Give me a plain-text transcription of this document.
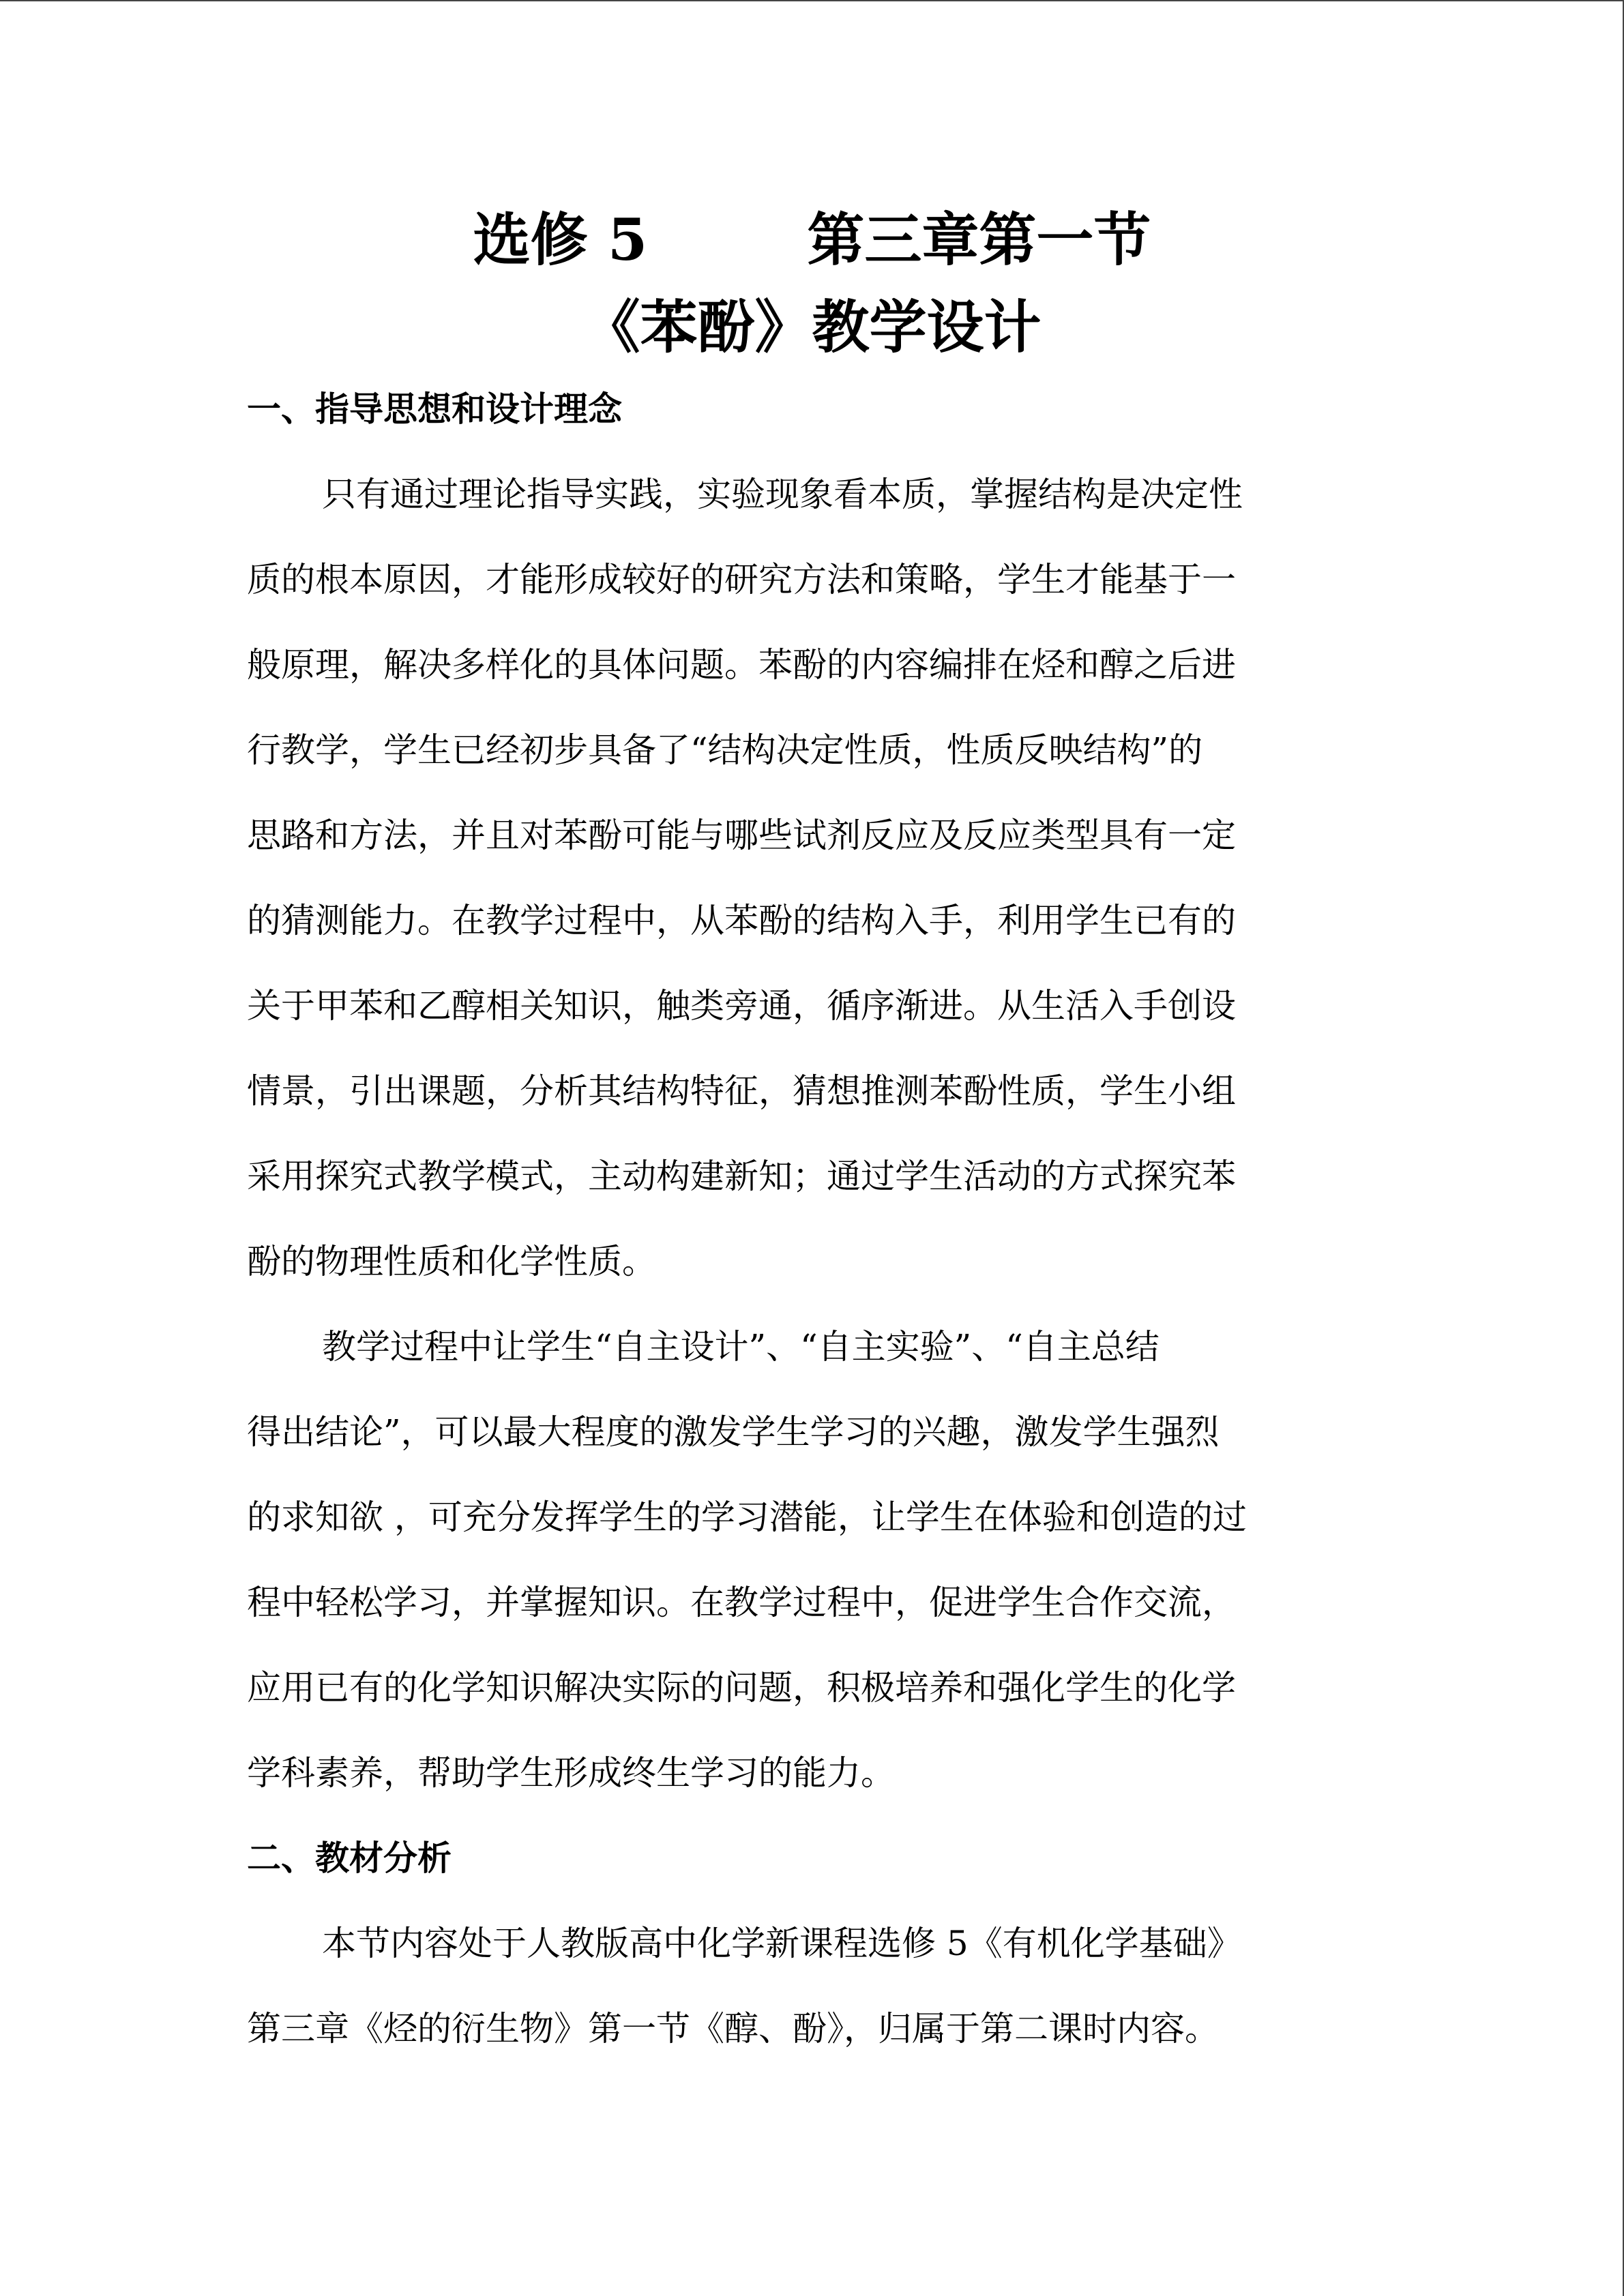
选修 5        第三章第一节
《苯酚》教学设计
一、指导思想和设计理念

只有通过理论指导实践，实验现象看本质，掌握结构是决定性

质的根本原因，才能形成较好的研究方法和策略，学生才能基于一

般原理，解决多样化的具体问题。苯酚的内容编排在烃和醇之后进

行教学，学生已经初步具备了“结构决定性质，性质反映结构”的

思路和方法，并且对苯酚可能与哪些试剂反应及反应类型具有一定

的猜测能力。在教学过程中，从苯酚的结构入手，利用学生已有的

关于甲苯和乙醇相关知识，触类旁通，循序渐进。从生活入手创设

情景，引出课题，分析其结构特征，猜想推测苯酚性质，学生小组

采用探究式教学模式，主动构建新知；通过学生活动的方式探究苯

酚的物理性质和化学性质。

教学过程中让学生“自主设计”、“自主实验”、“自主总结

得出结论”，可以最大程度的激发学生学习的兴趣，激发学生强烈

的求知欲 ，可充分发挥学生的学习潜能，让学生在体验和创造的过

程中轻松学习，并掌握知识。在教学过程中，促进学生合作交流，

应用已有的化学知识解决实际的问题，积极培养和强化学生的化学

学科素养，帮助学生形成终生学习的能力。

二、教材分析

本节内容处于人教版高中化学新课程选修 5《有机化学基础》

第三章《烃的衍生物》第一节《醇、酚》，归属于第二课时内容。
